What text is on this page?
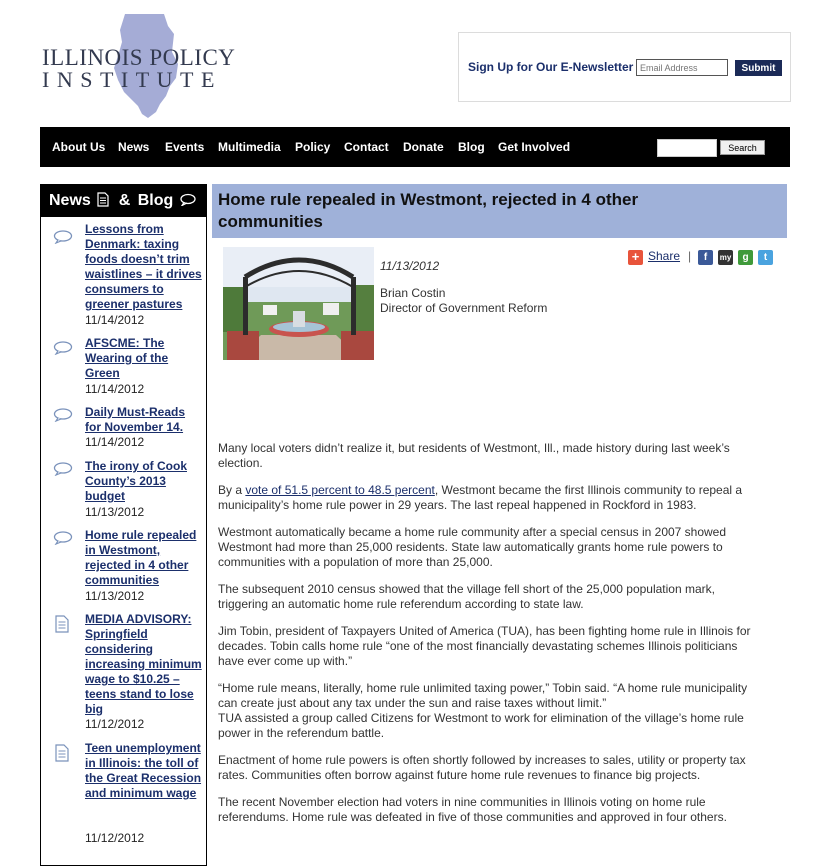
ILLINOIS POLICY
INSTITUTE	Sign Up for Our E-Newsletter
Email Address	Submit
About Us News Events Multimedia Policy Contact Donate Blog Get Involved	Search
News & Blog
Lessons from Denmark: taxing foods doesn’t trim waistlines – it drives consumers to greener pastures
11/14/2012
AFSCME: The Wearing of the Green
11/14/2012
Daily Must-Reads for November 14.
11/14/2012
The irony of Cook County’s 2013 budget
11/13/2012
Home rule repealed in Westmont, rejected in 4 other communities
11/13/2012
MEDIA ADVISORY: Springfield considering increasing minimum wage to $10.25 – teens stand to lose big
11/12/2012
Teen unemployment in Illinois: the toll of the Great Recession and minimum wage
11/12/2012
Home rule repealed in Westmont, rejected in 4 other communities
11/13/2012
Brian Costin
Director of Government Reform
+ Share |	f	my	g	t

Many local voters didn’t realize it, but residents of Westmont, Ill., made history during last week’s election.

By a vote of 51.5 percent to 48.5 percent, Westmont became the first Illinois community to repeal a municipality’s home rule power in 29 years. The last repeal happened in Rockford in 1983.

Westmont automatically became a home rule community after a special census in 2007 showed Westmont had more than 25,000 residents. State law automatically grants home rule powers to communities with a population of more than 25,000.

The subsequent 2010 census showed that the village fell short of the 25,000 population mark, triggering an automatic home rule referendum according to state law.

Jim Tobin, president of Taxpayers United of America (TUA), has been fighting home rule in Illinois for decades. Tobin calls home rule “one of the most financially devastating schemes Illinois politicians have ever come up with.”

“Home rule means, literally, home rule unlimited taxing power,” Tobin said. “A home rule municipality can create just about any tax under the sun and raise taxes without limit.”
TUA assisted a group called Citizens for Westmont to work for elimination of the village’s home rule power in the referendum battle.

Enactment of home rule powers is often shortly followed by increases to sales, utility or property tax rates. Communities often borrow against future home rule revenues to finance big projects.

The recent November election had voters in nine communities in Illinois voting on home rule referendums. Home rule was defeated in five of those communities and approved in four others.
